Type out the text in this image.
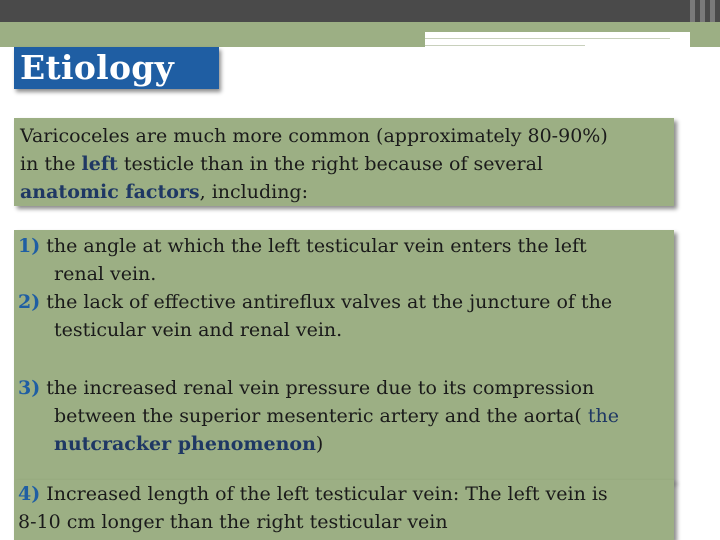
Etiology

Varicoceles are much more common (approximately 80-90%)

in the left testicle than in the right because of several

anatomic factors, including:

1) the angle at which the left testicular vein enters the left

renal vein.

2) the lack of effective antireflux valves at the juncture of the

testicular vein and renal vein.

3) the increased renal vein pressure due to its compression

between the superior mesenteric artery and the aorta( the

nutcracker phenomenon)

4) Increased length of the left testicular vein: The left vein is

8-10 cm longer than the right testicular vein
